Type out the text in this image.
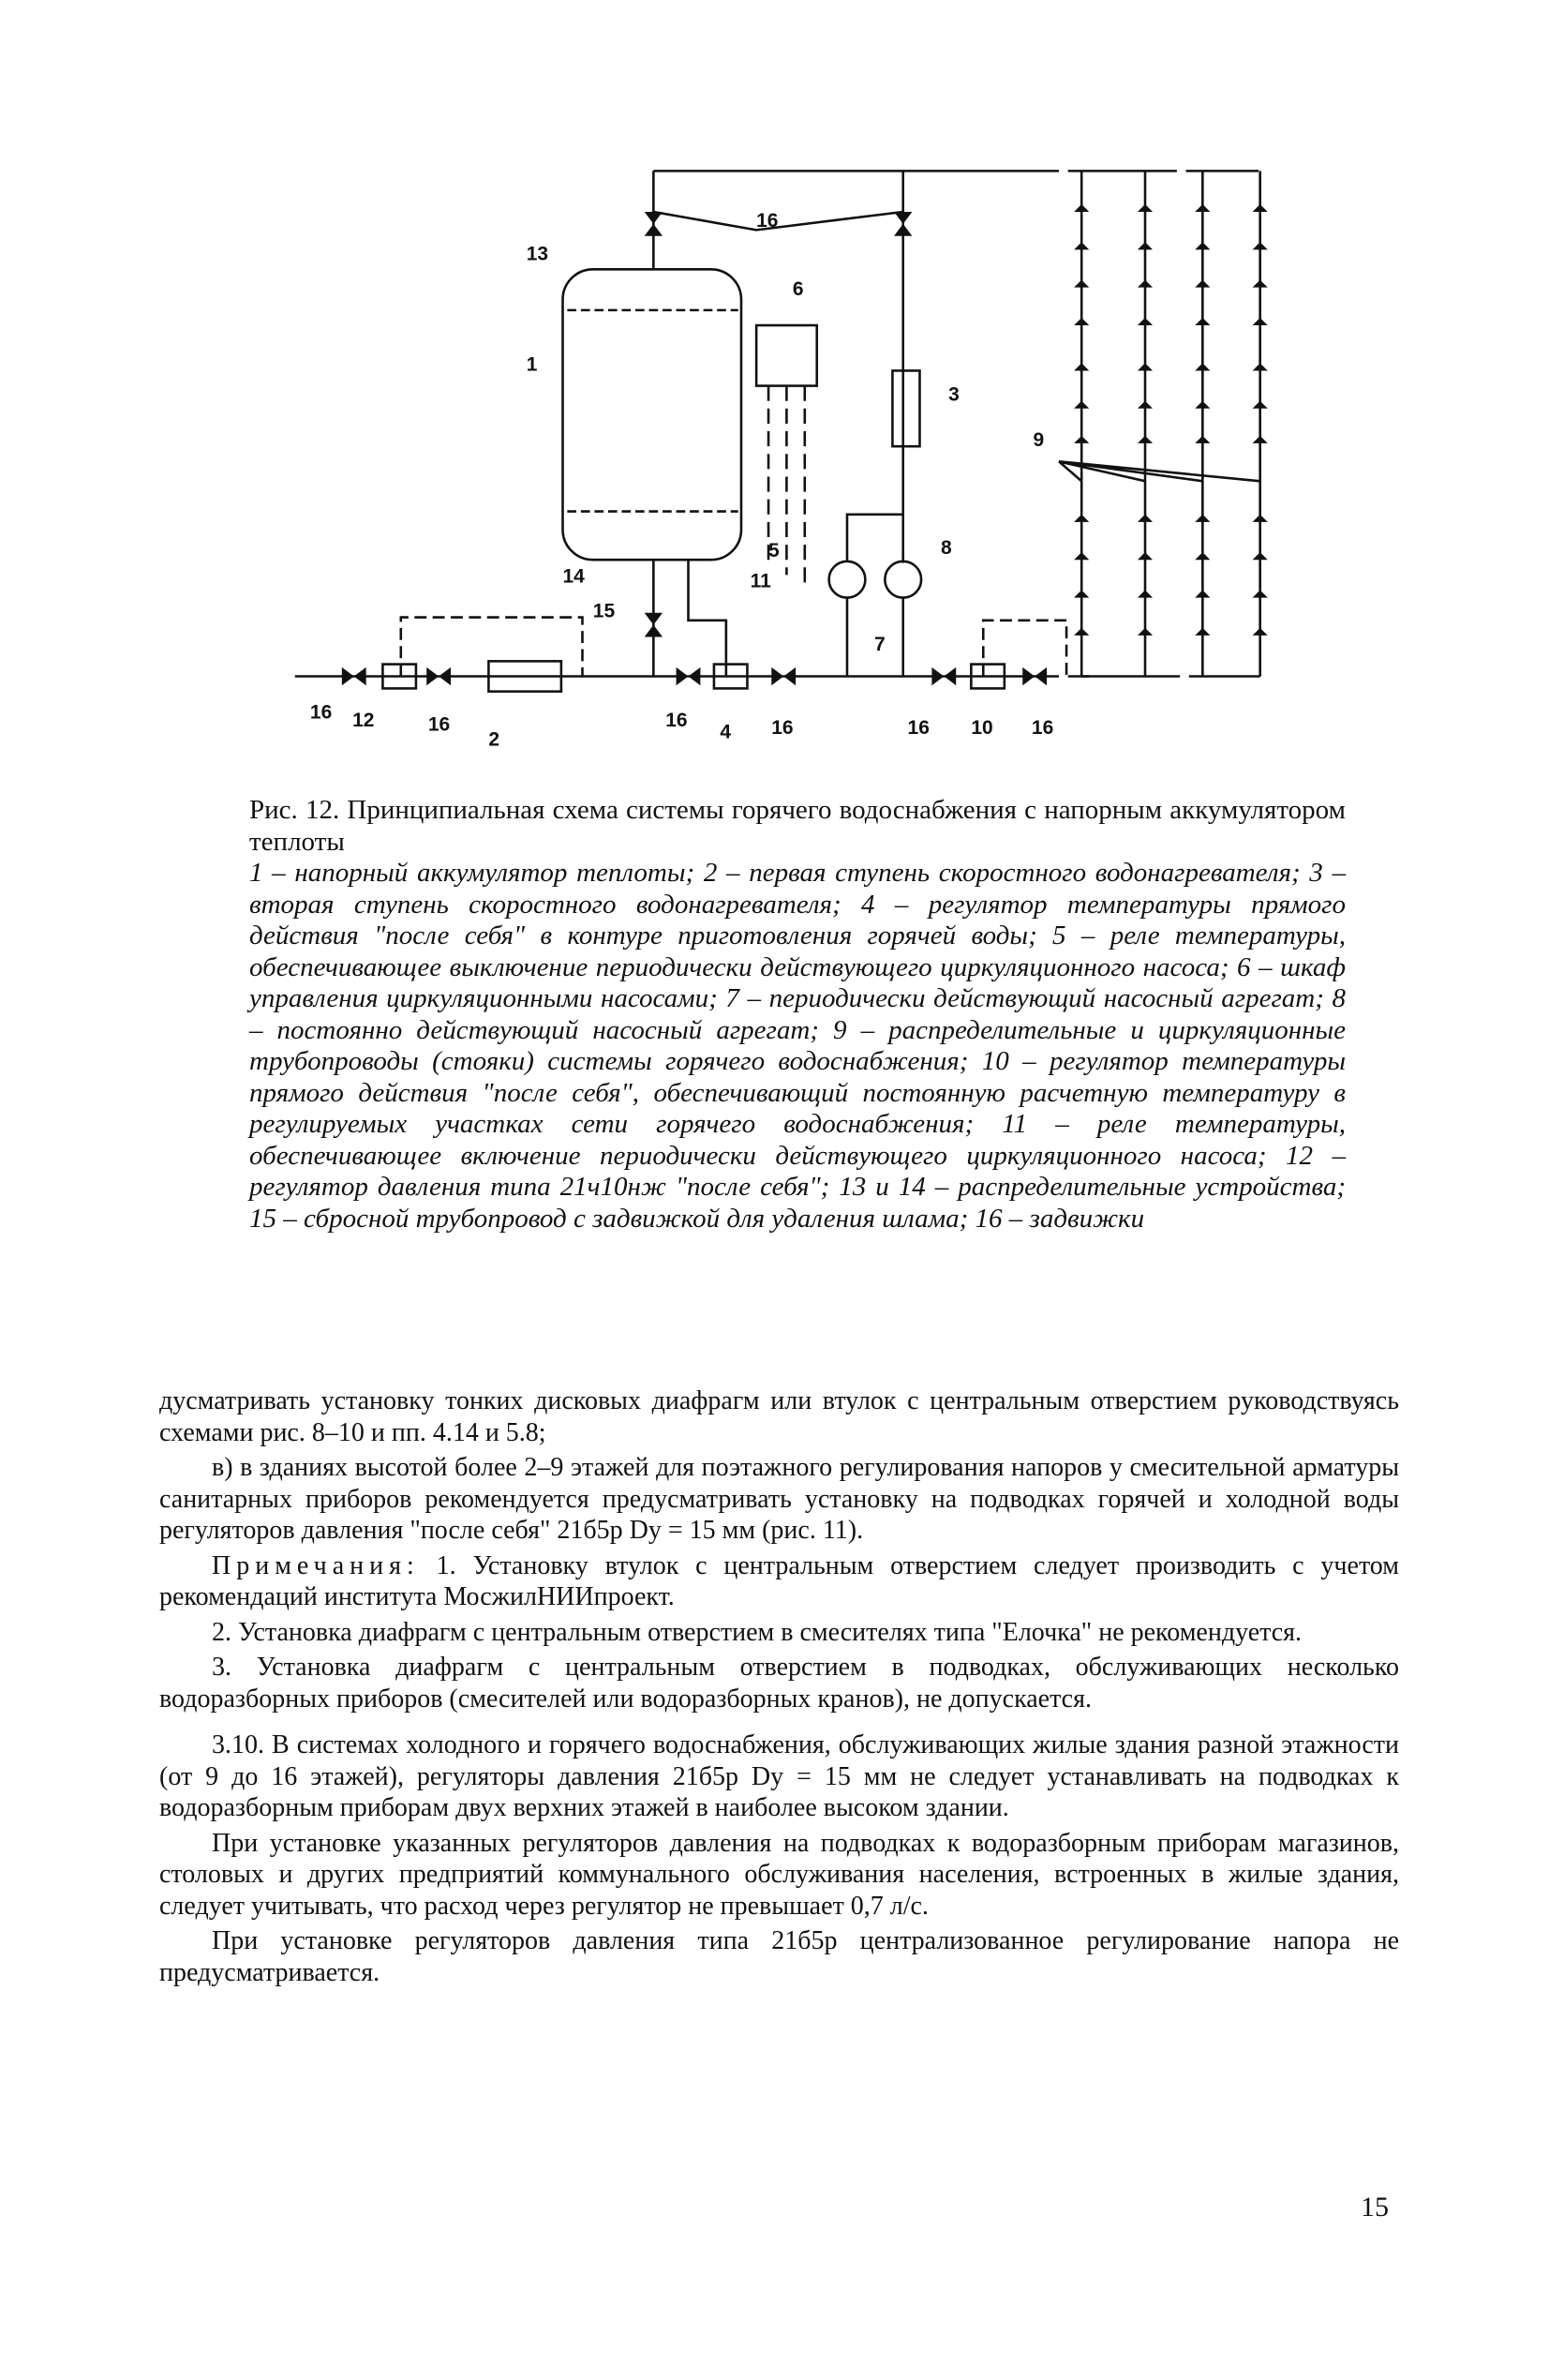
13
1
16
6
3
9
5	8
14
15
11
7
16 12	16
2
16
4	16	16	10	16
Рис. 12. Принципиальная схема системы горячего водоснабжения с напорным аккумулятором теплоты
1 – напорный аккумулятор теплоты; 2 – первая ступень скоростного водонагревателя; 3 – вторая ступень скоростного водонагревателя; 4 – регулятор температуры прямого действия "после себя" в контуре приготовления горячей воды; 5 – реле температуры, обеспечивающее выключение периодически действующего циркуляционного насоса; 6 – шкаф управления циркуляционными насосами; 7 – периодически действующий насосный агрегат; 8 – постоянно действующий насосный агрегат; 9 – распределительные и циркуляционные трубопроводы (стояки) системы горячего водоснабжения; 10 – регулятор температуры прямого действия "после себя", обеспечивающий постоянную расчетную температуру в регулируемых участках сети горячего водоснабжения; 11 – реле температуры, обеспечивающее включение периодически действующего циркуляционного насоса; 12 – регулятор давления типа 21ч10нж "после себя"; 13 и 14 – распределительные устройства; 15 – сбросной трубопровод с задвижкой для удаления шлама; 16 – задвижки

дусматривать установку тонких дисковых диафрагм или втулок с центральным отверстием руководствуясь схемами рис. 8–10 и пп. 4.14 и 5.8;

в) в зданиях высотой более 2–9 этажей для поэтажного регулирования напоров у смесительной арматуры санитарных приборов рекомендуется предусматривать установку на подводках горячей и холодной воды регуляторов давления "после себя" 21б5р Dy = 15 мм (рис. 11).

Примечания: 1. Установку втулок с центральным отверстием следует производить с учетом рекомендаций института МосжилНИИпроект.

2. Установка диафрагм с центральным отверстием в смесителях типа "Елочка" не рекомендуется.

3. Установка диафрагм с центральным отверстием в подводках, обслуживающих несколько водоразборных приборов (смесителей или водоразборных кранов), не допускается.

3.10. В системах холодного и горячего водоснабжения, обслуживающих жилые здания разной этажности (от 9 до 16 этажей), регуляторы давления 21б5р Dy = 15 мм не следует устанавливать на подводках к водоразборным приборам двух верхних этажей в наиболее высоком здании.

При установке указанных регуляторов давления на подводках к водоразборным приборам магазинов, столовых и других предприятий коммунального обслуживания населения, встроенных в жилые здания, следует учитывать, что расход через регулятор не превышает 0,7 л/с.

При установке регуляторов давления типа 21б5р централизованное регулирование напора не предусматривается.

15
